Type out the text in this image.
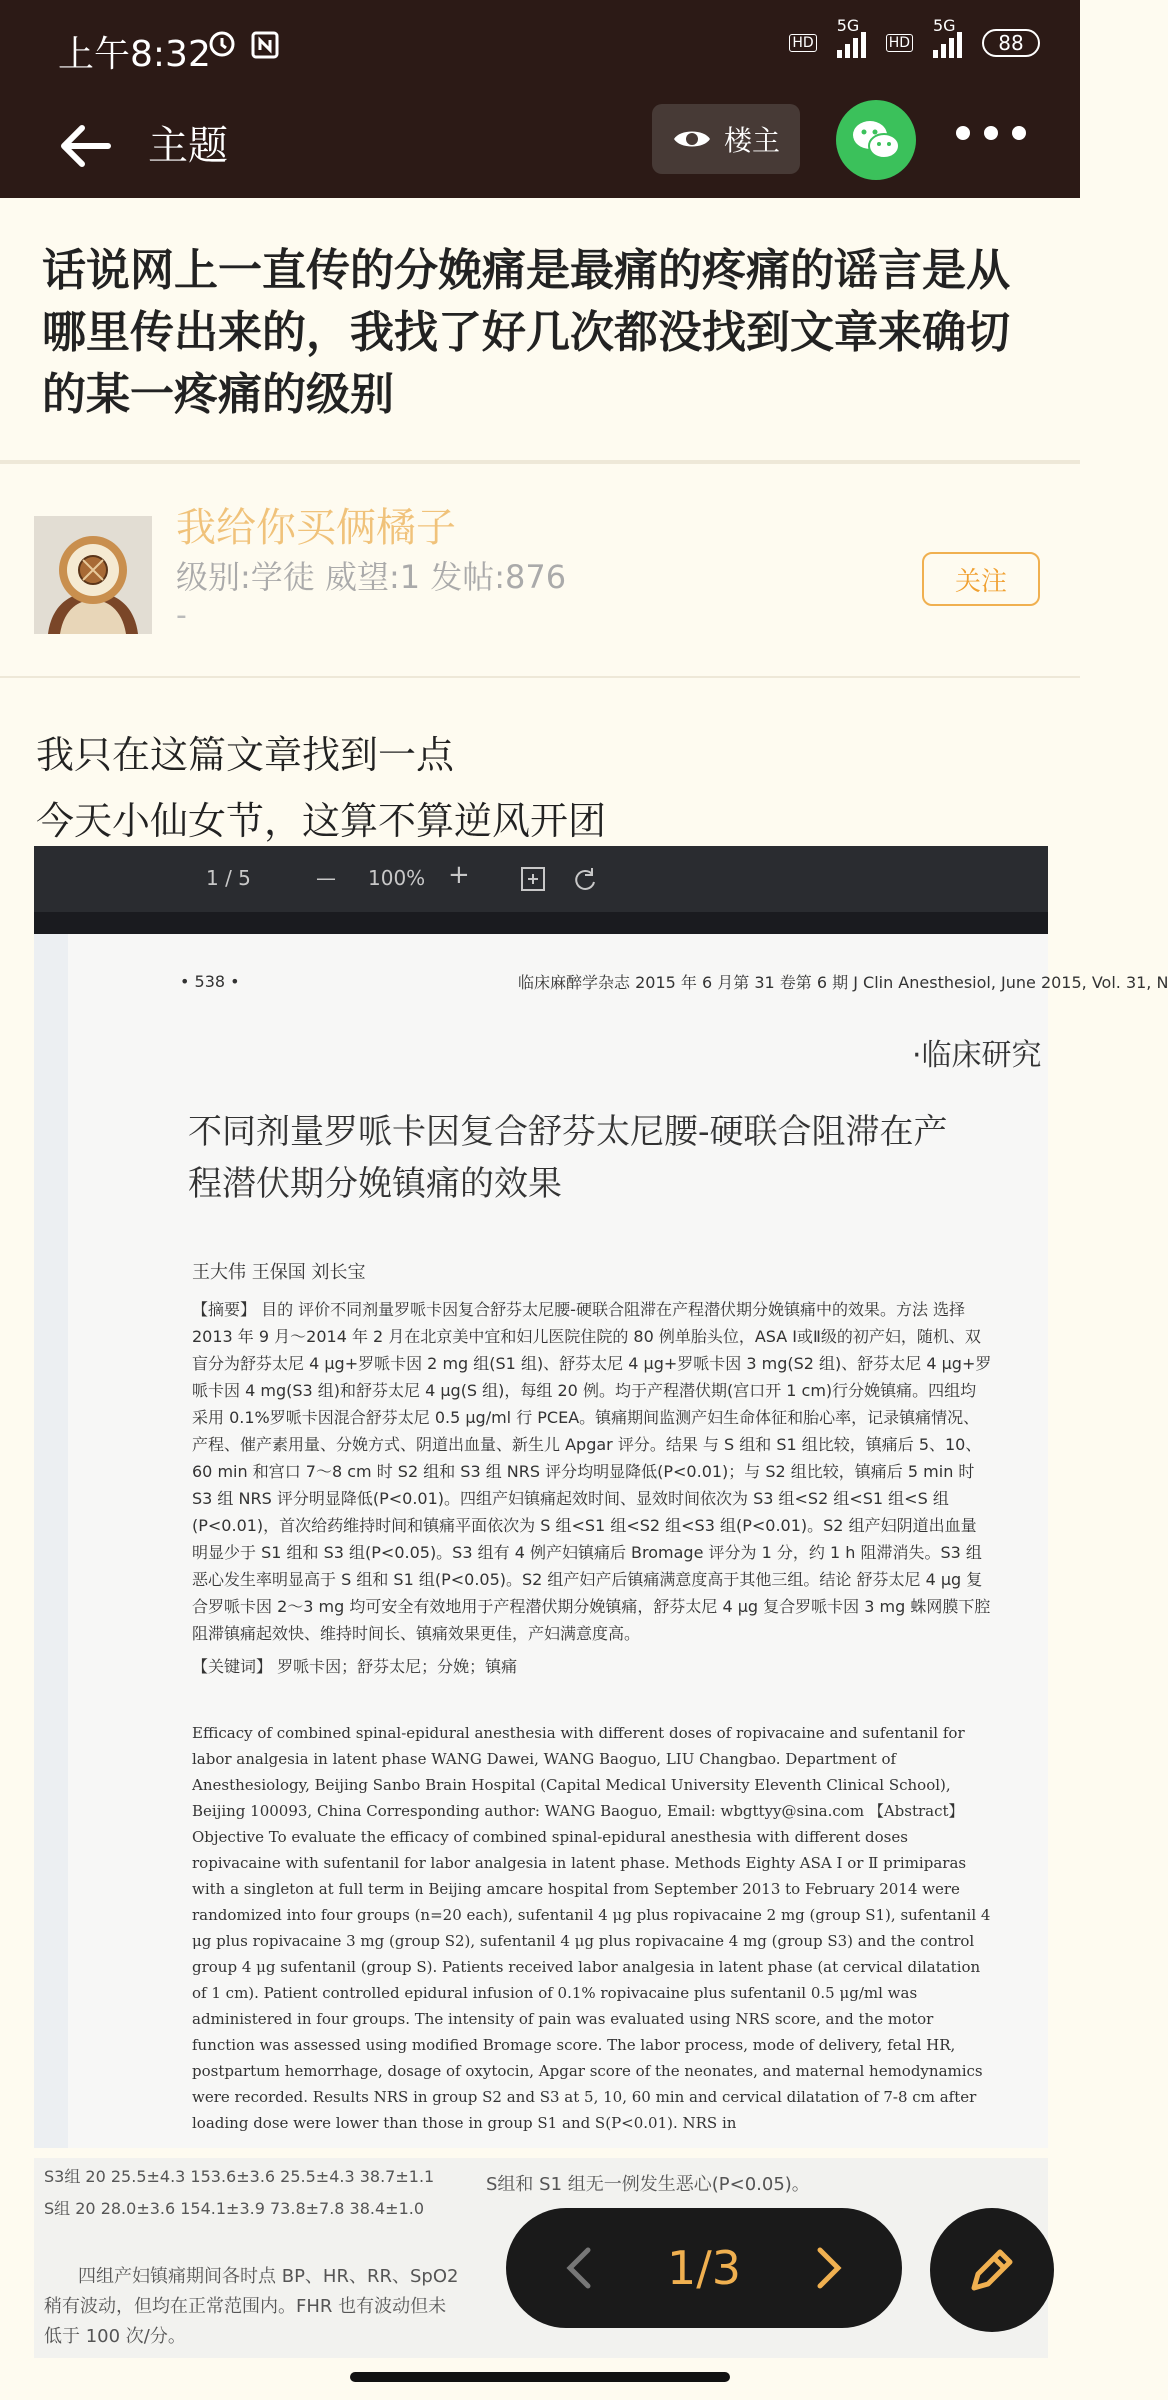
上午8:32	HD
5G
HD
5G
88
主题	楼主
话说网上一直传的分娩痛是最痛的疼痛的谣言是从哪里传出来的，我找了好几次都没找到文章来确切的某一疼痛的级别
我给你买俩橘子
级别:学徒 威望:1 发帖:876
-
关注
我只在这篇文章找到一点
今天小仙女节，这算不算逆风开团
1 / 5	— 100% +
• 538 •	临床麻醉学杂志 2015 年 6 月第 31 卷第 6 期 J Clin Anesthesiol, June 2015, Vol. 31, N
·临床研究
不同剂量罗哌卡因复合舒芬太尼腰-硬联合阻滞在产程潜伏期分娩镇痛的效果
王大伟 王保国 刘长宝
【摘要】 目的 评价不同剂量罗哌卡因复合舒芬太尼腰-硬联合阻滞在产程潜伏期分娩镇痛中的效果。方法 选择 2013 年 9 月～2014 年 2 月在北京美中宜和妇儿医院住院的 80 例单胎头位，ASA Ⅰ或Ⅱ级的初产妇，随机、双盲分为舒芬太尼 4 μg+罗哌卡因 2 mg 组(S1 组)、舒芬太尼 4 μg+罗哌卡因 3 mg(S2 组)、舒芬太尼 4 μg+罗哌卡因 4 mg(S3 组)和舒芬太尼 4 μg(S 组)，每组 20 例。均于产程潜伏期(宫口开 1 cm)行分娩镇痛。四组均采用 0.1%罗哌卡因混合舒芬太尼 0.5 μg/ml 行 PCEA。镇痛期间监测产妇生命体征和胎心率，记录镇痛情况、产程、催产素用量、分娩方式、阴道出血量、新生儿 Apgar 评分。结果 与 S 组和 S1 组比较，镇痛后 5、10、60 min 和宫口 7～8 cm 时 S2 组和 S3 组 NRS 评分均明显降低(P<0.01)；与 S2 组比较，镇痛后 5 min 时 S3 组 NRS 评分明显降低(P<0.01)。四组产妇镇痛起效时间、显效时间依次为 S3 组<S2 组<S1 组<S 组(P<0.01)，首次给药维持时间和镇痛平面依次为 S 组<S1 组<S2 组<S3 组(P<0.01)。S2 组产妇阴道出血量明显少于 S1 组和 S3 组(P<0.05)。S3 组有 4 例产妇镇痛后 Bromage 评分为 1 分，约 1 h 阻滞消失。S3 组恶心发生率明显高于 S 组和 S1 组(P<0.05)。S2 组产妇产后镇痛满意度高于其他三组。结论 舒芬太尼 4 μg 复合罗哌卡因 2～3 mg 均可安全有效地用于产程潜伏期分娩镇痛，舒芬太尼 4 μg 复合罗哌卡因 3 mg 蛛网膜下腔阻滞镇痛起效快、维持时间长、镇痛效果更佳，产妇满意度高。
【关键词】 罗哌卡因；舒芬太尼；分娩；镇痛
Efficacy of combined spinal-epidural anesthesia with different doses of ropivacaine and sufentanil for labor analgesia in latent phase WANG Dawei, WANG Baoguo, LIU Changbao. Department of Anesthesiology, Beijing Sanbo Brain Hospital (Capital Medical University Eleventh Clinical School), Beijing 100093, China Corresponding author: WANG Baoguo, Email: wbgttyy@sina.com 【Abstract】 Objective To evaluate the efficacy of combined spinal-epidural anesthesia with different doses ropivacaine with sufentanil for labor analgesia in latent phase. Methods Eighty ASA Ⅰ or Ⅱ primiparas with a singleton at full term in Beijing amcare hospital from September 2013 to February 2014 were randomized into four groups (n=20 each), sufentanil 4 μg plus ropivacaine 2 mg (group S1), sufentanil 4 μg plus ropivacaine 3 mg (group S2), sufentanil 4 μg plus ropivacaine 4 mg (group S3) and the control group 4 μg sufentanil (group S). Patients received labor analgesia in latent phase (at cervical dilatation of 1 cm). Patient controlled epidural infusion of 0.1% ropivacaine plus sufentanil 0.5 μg/ml was administered in four groups. The intensity of pain was evaluated using NRS score, and the motor function was assessed using modified Bromage score. The labor process, mode of delivery, fetal HR, postpartum hemorrhage, dosage of oxytocin, Apgar score of the neonates, and maternal hemodynamics were recorded. Results NRS in group S2 and S3 at 5, 10, 60 min and cervical dilatation of 7-8 cm after loading dose were lower than those in group S1 and S(P<0.01). NRS in
S3组 20 25.5±4.3 153.6±3.6 25.5±4.3 38.7±1.1
S组 20 28.0±3.6 154.1±3.9 73.8±7.8 38.4±1.0
四组产妇镇痛期间各时点 BP、HR、RR、SpO2
稍有波动，但均在正常范围内。FHR 也有波动但未
低于 100 次/分。
S组和 S1 组无一例发生恶心(P<0.05)。
1/3
